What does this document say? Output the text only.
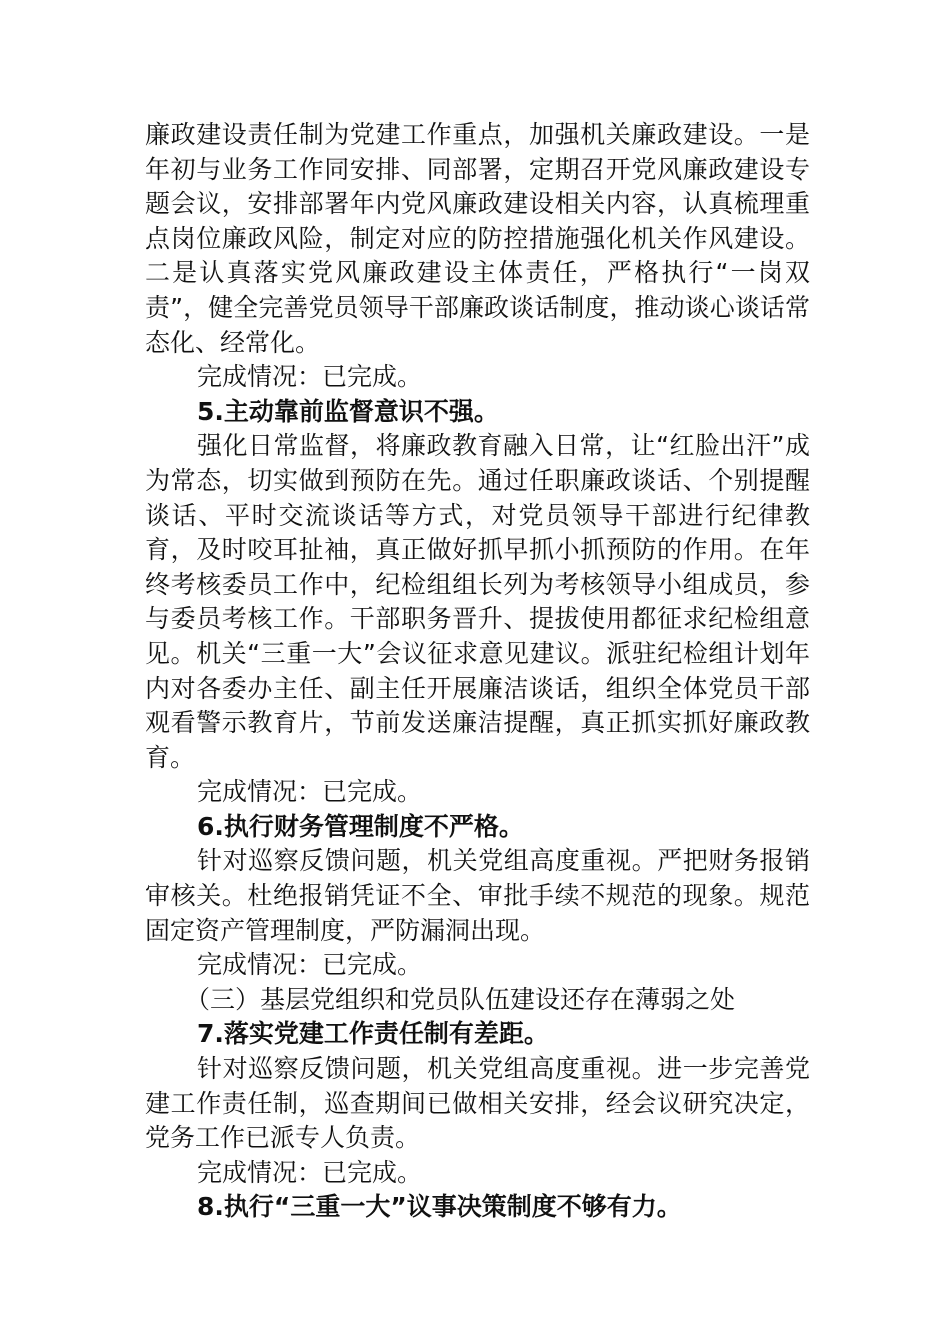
廉政建设责任制为党建工作重点，加强机关廉政建设。一是年初与业务工作同安排、同部署，定期召开党风廉政建设专题会议，安排部署年内党风廉政建设相关内容，认真梳理重点岗位廉政风险，制定对应的防控措施强化机关作风建设。二是认真落实党风廉政建设主体责任，严格执行“一岗双责”，健全完善党员领导干部廉政谈话制度，推动谈心谈话常态化、经常化。

完成情况：已完成。

5.主动靠前监督意识不强。

强化日常监督，将廉政教育融入日常，让“红脸出汗”成为常态，切实做到预防在先。通过任职廉政谈话、个别提醒谈话、平时交流谈话等方式，对党员领导干部进行纪律教育，及时咬耳扯袖，真正做好抓早抓小抓预防的作用。在年终考核委员工作中，纪检组组长列为考核领导小组成员，参与委员考核工作。干部职务晋升、提拔使用都征求纪检组意见。机关“三重一大”会议征求意见建议。派驻纪检组计划年内对各委办主任、副主任开展廉洁谈话，组织全体党员干部观看警示教育片，节前发送廉洁提醒，真正抓实抓好廉政教育。

完成情况：已完成。

6.执行财务管理制度不严格。

针对巡察反馈问题，机关党组高度重视。严把财务报销审核关。杜绝报销凭证不全、审批手续不规范的现象。规范固定资产管理制度，严防漏洞出现。

完成情况：已完成。

（三）基层党组织和党员队伍建设还存在薄弱之处

7.落实党建工作责任制有差距。

针对巡察反馈问题，机关党组高度重视。进一步完善党建工作责任制，巡查期间已做相关安排，经会议研究决定，党务工作已派专人负责。

完成情况：已完成。

8.执行“三重一大”议事决策制度不够有力。
